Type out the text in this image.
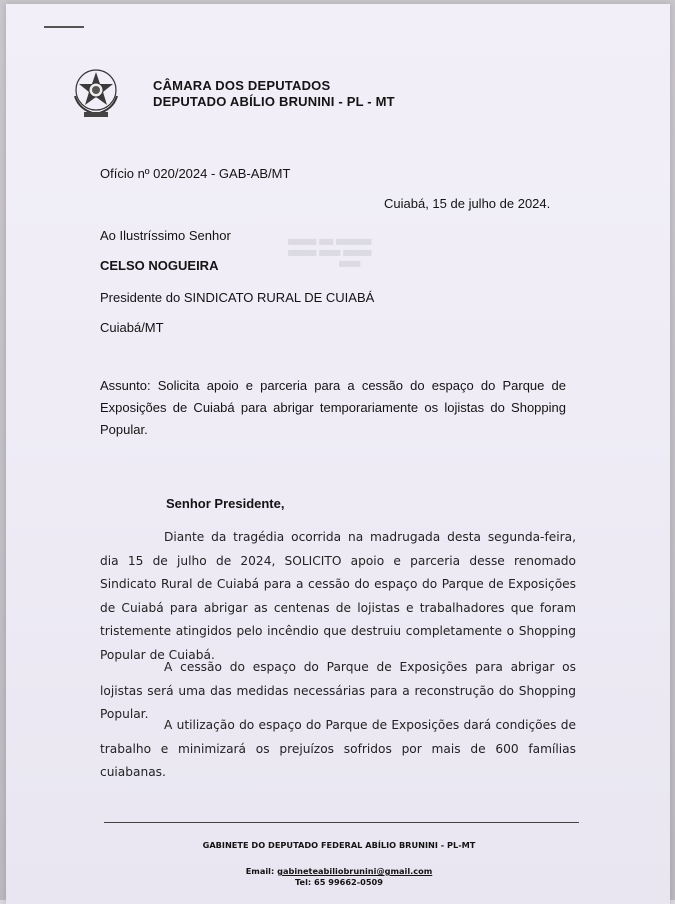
CÂMARA DOS DEPUTADOS
DEPUTADO ABÍLIO BRUNINI - PL - MT
▀▀▀▀▀ ▀▀ ▀▀▀▀
▀▀▀▀ ▀▀▀ ▀▀▀▀
▀▀▀
Ofício nº 020/2024 - GAB-AB/MT
Cuiabá, 15 de julho de 2024.
Ao Ilustríssimo Senhor
CELSO NOGUEIRA
Presidente do SINDICATO RURAL DE CUIABÁ
Cuiabá/MT
Assunto: Solicita apoio e parceria para a cessão do espaço do Parque de Exposições de Cuiabá para abrigar temporariamente os lojistas do Shopping Popular.
Senhor Presidente,
Diante da tragédia ocorrida na madrugada desta segunda-feira, dia 15 de julho de 2024, SOLICITO apoio e parceria desse renomado Sindicato Rural de Cuiabá para a cessão do espaço do Parque de Exposições de Cuiabá para abrigar as centenas de lojistas e trabalhadores que foram tristemente atingidos pelo incêndio que destruiu completamente o Shopping Popular de Cuiabá.
A cessão do espaço do Parque de Exposições para abrigar os lojistas será uma das medidas necessárias para a reconstrução do Shopping Popular.
A utilização do espaço do Parque de Exposições dará condições de trabalho e minimizará os prejuízos sofridos por mais de 600 famílias cuiabanas.
GABINETE DO DEPUTADO FEDERAL ABÍLIO BRUNINI - PL-MT
Email: gabineteabiliobrunini@gmail.com
Tel: 65 99662-0509
